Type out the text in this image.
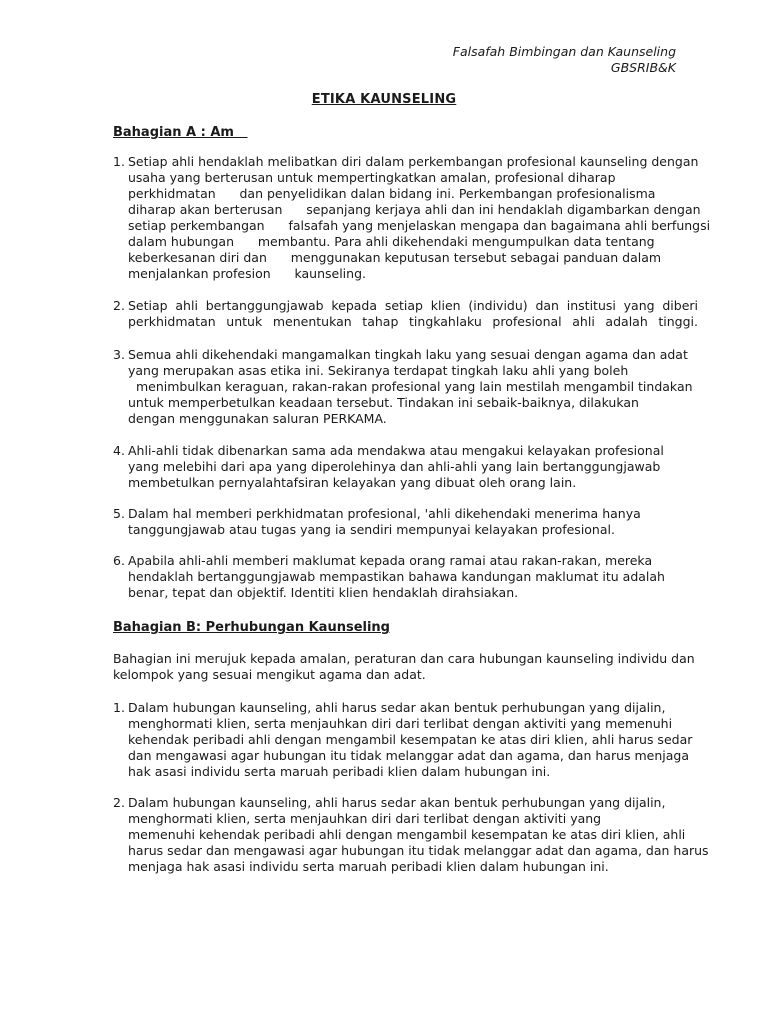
Falsafah Bimbingan dan Kaunseling
GBSRIB&K
ETIKA KAUNSELING
Bahagian A : Am
1. Setiap ahli hendaklah melibatkan diri dalam perkembangan profesional kaunseling dengan
usaha yang berterusan untuk mempertingkatkan amalan, profesional diharap
perkhidmatan      dan penyelidikan dalan bidang ini. Perkembangan profesionalisma
diharap akan berterusan      sepanjang kerjaya ahli dan ini hendaklah digambarkan dengan
setiap perkembangan      falsafah yang menjelaskan mengapa dan bagaimana ahli berfungsi
dalam hubungan      membantu. Para ahli dikehendaki mengumpulkan data tentang
keberkesanan diri dan      menggunakan keputusan tersebut sebagai panduan dalam
menjalankan profesion      kaunseling.
2. Setiap ahli bertanggungjawab kepada setiap klien (individu) dan institusi yang diberi
perkhidmatan untuk menentukan tahap tingkahlaku profesional ahli adalah tinggi.
3. Semua ahli dikehendaki mangamalkan tingkah laku yang sesuai dengan agama dan adat
yang merupakan asas etika ini. Sekiranya terdapat tingkah laku ahli yang boleh
menimbulkan keraguan, rakan-rakan profesional yang lain mestilah mengambil tindakan
untuk memperbetulkan keadaan tersebut. Tindakan ini sebaik-baiknya, dilakukan
dengan menggunakan saluran PERKAMA.
4. Ahli-ahli tidak dibenarkan sama ada mendakwa atau mengakui kelayakan profesional
yang melebihi dari apa yang diperolehinya dan ahli-ahli yang lain bertanggungjawab
membetulkan pernyalahtafsiran kelayakan yang dibuat oleh orang lain.
5. Dalam hal memberi perkhidmatan profesional, 'ahli dikehendaki menerima hanya
tanggungjawab atau tugas yang ia sendiri mempunyai kelayakan profesional.
6. Apabila ahli-ahli memberi maklumat kepada orang ramai atau rakan-rakan, mereka
hendaklah bertanggungjawab mempastikan bahawa kandungan maklumat itu adalah
benar, tepat dan objektif. Identiti klien hendaklah dirahsiakan.
Bahagian B: Perhubungan Kaunseling
Bahagian ini merujuk kepada amalan, peraturan dan cara hubungan kaunseling individu dan
kelompok yang sesuai mengikut agama dan adat.
1. Dalam hubungan kaunseling, ahli harus sedar akan bentuk perhubungan yang dijalin,
menghormati klien, serta menjauhkan diri dari terlibat dengan aktiviti yang memenuhi
kehendak peribadi ahli dengan mengambil kesempatan ke atas diri klien, ahli harus sedar
dan mengawasi agar hubungan itu tidak melanggar adat dan agama, dan harus menjaga
hak asasi individu serta maruah peribadi klien dalam hubungan ini.
2. Dalam hubungan kaunseling, ahli harus sedar akan bentuk perhubungan yang dijalin,
menghormati klien, serta menjauhkan diri dari terlibat dengan aktiviti yang
memenuhi kehendak peribadi ahli dengan mengambil kesempatan ke atas diri klien, ahli
harus sedar dan mengawasi agar hubungan itu tidak melanggar adat dan agama, dan harus
menjaga hak asasi individu serta maruah peribadi klien dalam hubungan ini.
